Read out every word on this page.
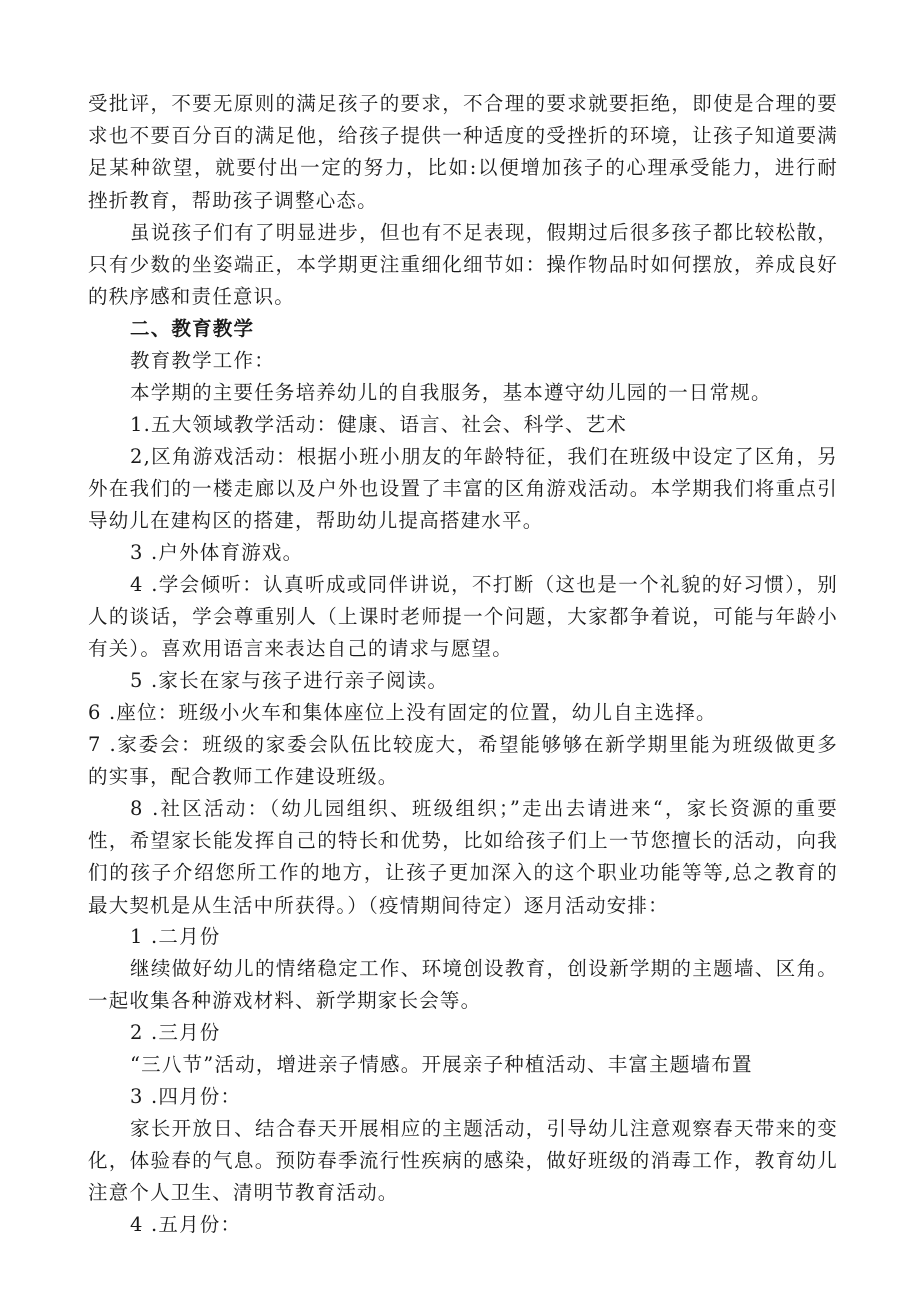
受批评，不要无原则的满足孩子的要求，不合理的要求就要拒绝，即使是合理的要求也不要百分百的满足他，给孩子提供一种适度的受挫折的环境，让孩子知道要满足某种欲望，就要付出一定的努力，比如:以便增加孩子的心理承受能力，进行耐挫折教育，帮助孩子调整心态。

虽说孩子们有了明显进步，但也有不足表现，假期过后很多孩子都比较松散，只有少数的坐姿端正，本学期更注重细化细节如：操作物品时如何摆放，养成良好的秩序感和责任意识。

二、教育教学

教育教学工作：

本学期的主要任务培养幼儿的自我服务，基本遵守幼儿园的一日常规。

1.五大领域教学活动：健康、语言、社会、科学、艺术

2,区角游戏活动：根据小班小朋友的年龄特征，我们在班级中设定了区角，另外在我们的一楼走廊以及户外也设置了丰富的区角游戏活动。本学期我们将重点引导幼儿在建构区的搭建，帮助幼儿提高搭建水平。

3 .户外体育游戏。

4 .学会倾听：认真听成或同伴讲说，不打断（这也是一个礼貌的好习惯），别人的谈话，学会尊重别人（上课时老师提一个问题，大家都争着说，可能与年龄小有关）。喜欢用语言来表达自己的请求与愿望。

5 .家长在家与孩子进行亲子阅读。

6 .座位：班级小火车和集体座位上没有固定的位置，幼儿自主选择。

7 .家委会：班级的家委会队伍比较庞大，希望能够够在新学期里能为班级做更多的实事，配合教师工作建设班级。

8 .社区活动：（幼儿园组织、班级组织；”走出去请进来“，家长资源的重要性，希望家长能发挥自己的特长和优势，比如给孩子们上一节您擅长的活动，向我们的孩子介绍您所工作的地方，让孩子更加深入的这个职业功能等等,总之教育的最大契机是从生活中所获得。）（疫情期间待定）逐月活动安排：

1 .二月份

继续做好幼儿的情绪稳定工作、环境创设教育，创设新学期的主题墙、区角。一起收集各种游戏材料、新学期家长会等。

2 .三月份

“三八节”活动，增进亲子情感。开展亲子种植活动、丰富主题墙布置

3 .四月份：

家长开放日、结合春天开展相应的主题活动，引导幼儿注意观察春天带来的变化，体验春的气息。预防春季流行性疾病的感染，做好班级的消毒工作，教育幼儿注意个人卫生、清明节教育活动。

4 .五月份：
